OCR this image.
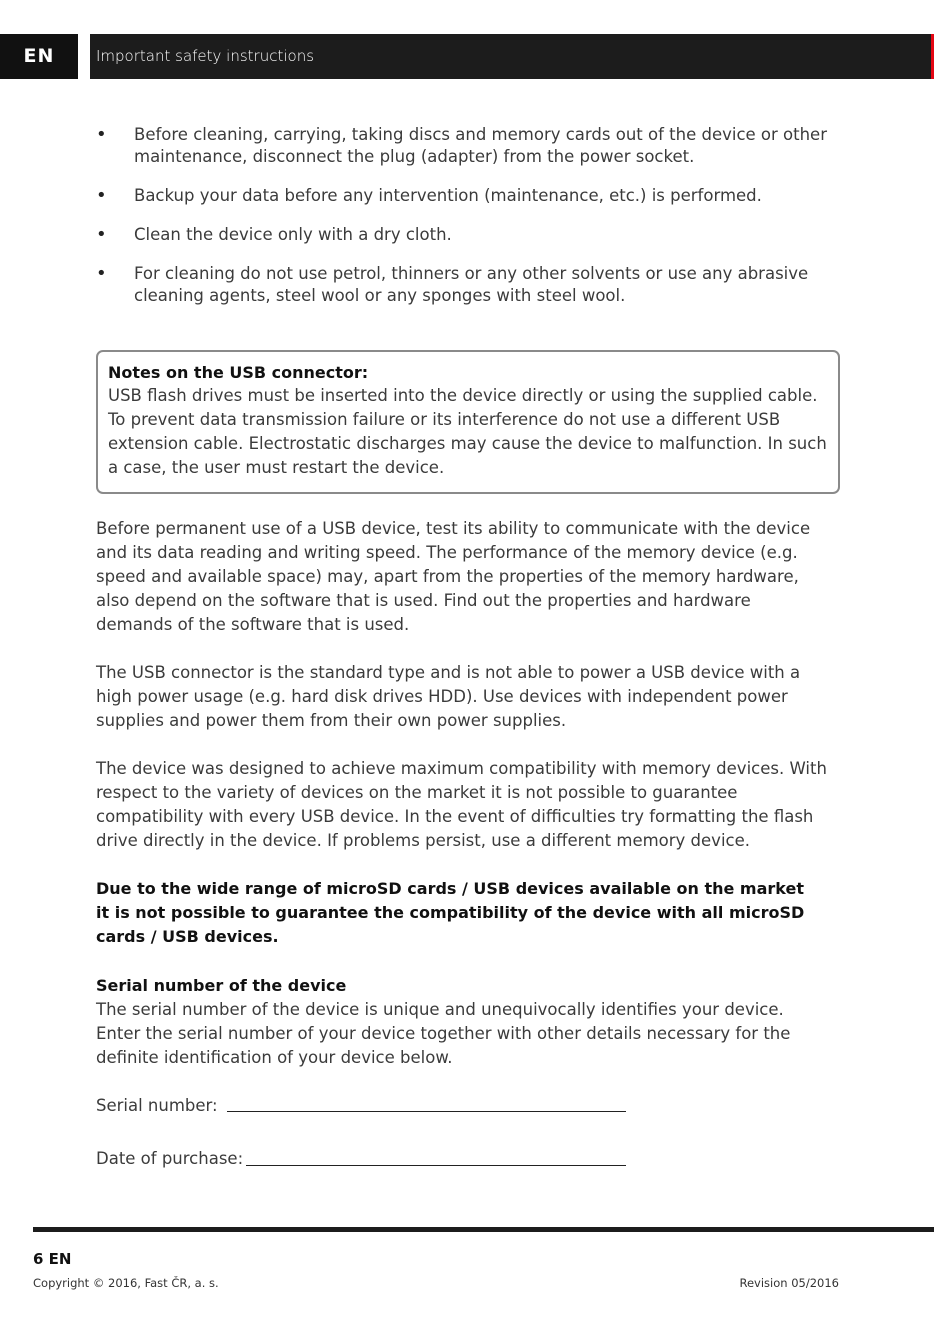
EN	Important safety instructions
• Before cleaning, carrying, taking discs and memory cards out of the device or other maintenance, disconnect the plug (adapter) from the power socket.
• Backup your data before any intervention (maintenance, etc.) is performed.
• Clean the device only with a dry cloth.
• For cleaning do not use petrol, thinners or any other solvents or use any abrasive cleaning agents, steel wool or any sponges with steel wool.
Notes on the USB connector:
USB flash drives must be inserted into the device directly or using the supplied cable. To prevent data transmission failure or its interference do not use a different USB extension cable. Electrostatic discharges may cause the device to malfunction. In such a case, the user must restart the device.

Before permanent use of a USB device, test its ability to communicate with the device and its data reading and writing speed. The performance of the memory device (e.g. speed and available space) may, apart from the properties of the memory hardware, also depend on the software that is used. Find out the properties and hardware demands of the software that is used.

The USB connector is the standard type and is not able to power a USB device with a high power usage (e.g. hard disk drives HDD). Use devices with independent power supplies and power them from their own power supplies.

The device was designed to achieve maximum compatibility with memory devices. With respect to the variety of devices on the market it is not possible to guarantee compatibility with every USB device. In the event of difficulties try formatting the flash drive directly in the device. If problems persist, use a different memory device.

Due to the wide range of microSD cards / USB devices available on the market it is not possible to guarantee the compatibility of the device with all microSD cards / USB devices.

Serial number of the device

The serial number of the device is unique and unequivocally identifies your device. Enter the serial number of your device together with other details necessary for the definite identification of your device below.

Serial number:
Date of purchase:
6 EN
Copyright © 2016, Fast ČR, a. s.	Revision 05/2016
